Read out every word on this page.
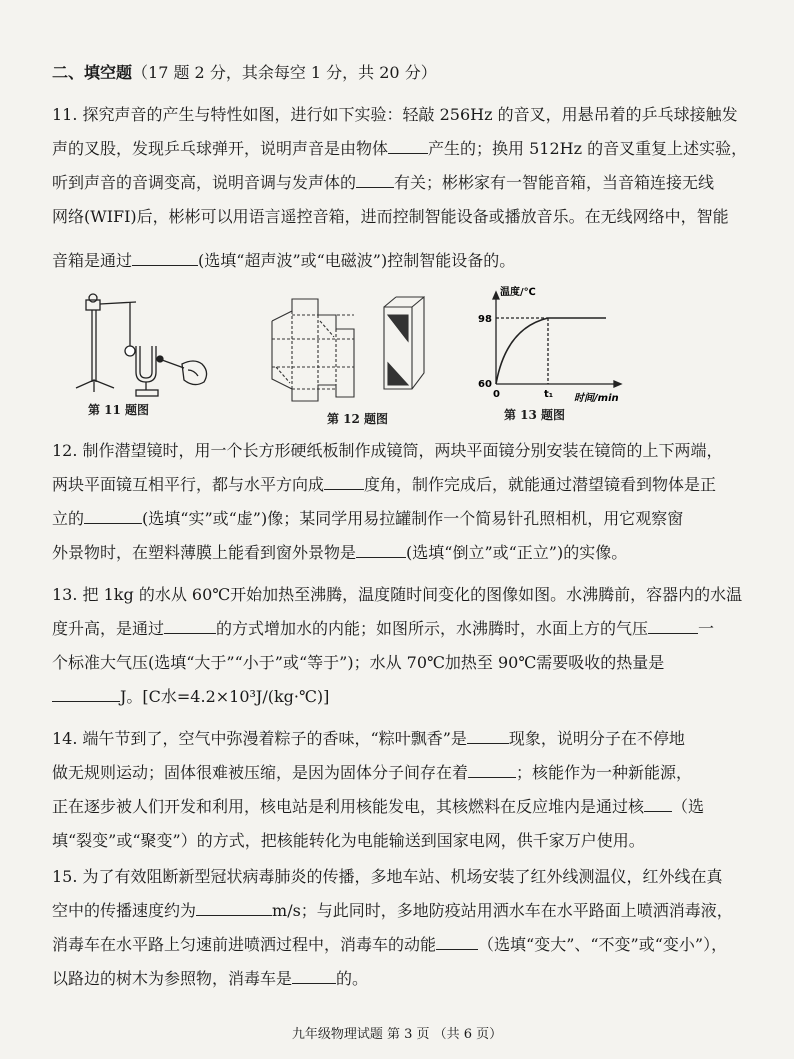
二、填空题（17 题 2 分，其余每空 1 分，共 20 分）
11. 探究声音的产生与特性如图，进行如下实验：轻敲 256Hz 的音叉，用悬吊着的乒乓球接触发
声的叉股，发现乒乓球弹开，说明声音是由物体	产生的；换用 512Hz 的音叉重复上述实验，
听到声音的音调变高，说明音调与发声体的 有关；彬彬家有一智能音箱，当音箱连接无线
网络(WIFI)后，彬彬可以用语言遥控音箱，进而控制智能设备或播放音乐。在无线网络中，智能
音箱是通过	(选填“超声波”或“电磁波”)控制智能设备的。
第 11 题图
第 12 题图
温度/℃
98
60
0	t₁ 时间/min
第 13 题图
12. 制作潜望镜时，用一个长方形硬纸板制作成镜筒，两块平面镜分别安装在镜筒的上下两端，
两块平面镜互相平行，都与水平方向成	度角，制作完成后，就能通过潜望镜看到物体是正
立的	(选填“实”或“虚”)像；某同学用易拉罐制作一个简易针孔照相机，用它观察窗
外景物时，在塑料薄膜上能看到窗外景物是	(选填“倒立”或“正立”)的实像。
13. 把 1kg 的水从 60℃开始加热至沸腾，温度随时间变化的图像如图。水沸腾前，容器内的水温
度升高，是通过	的方式增加水的内能；如图所示，水沸腾时，水面上方的气压	一
个标准大气压(选填“大于”“小于”或“等于”)；水从 70℃加热至 90℃需要吸收的热量是
J。[C水=4.2×10³J/(kg·℃)]
14. 端午节到了，空气中弥漫着粽子的香味，“粽叶飘香”是	现象，说明分子在不停地
做无规则运动；固体很难被压缩，是因为固体分子间存在着	；核能作为一种新能源，
正在逐步被人们开发和利用，核电站是利用核能发电，其核燃料在反应堆内是通过核 （选
填“裂变”或“聚变”）的方式，把核能转化为电能输送到国家电网，供千家万户使用。
15. 为了有效阻断新型冠状病毒肺炎的传播，多地车站、机场安装了红外线测温仪，红外线在真
空中的传播速度约为	m/s；与此同时，多地防疫站用洒水车在水平路面上喷洒消毒液，
消毒车在水平路上匀速前进喷洒过程中，消毒车的动能	（选填“变大”、“不变”或“变小”），
以路边的树木为参照物，消毒车是	的。
九年级物理试题 第 3 页 （共 6 页）
